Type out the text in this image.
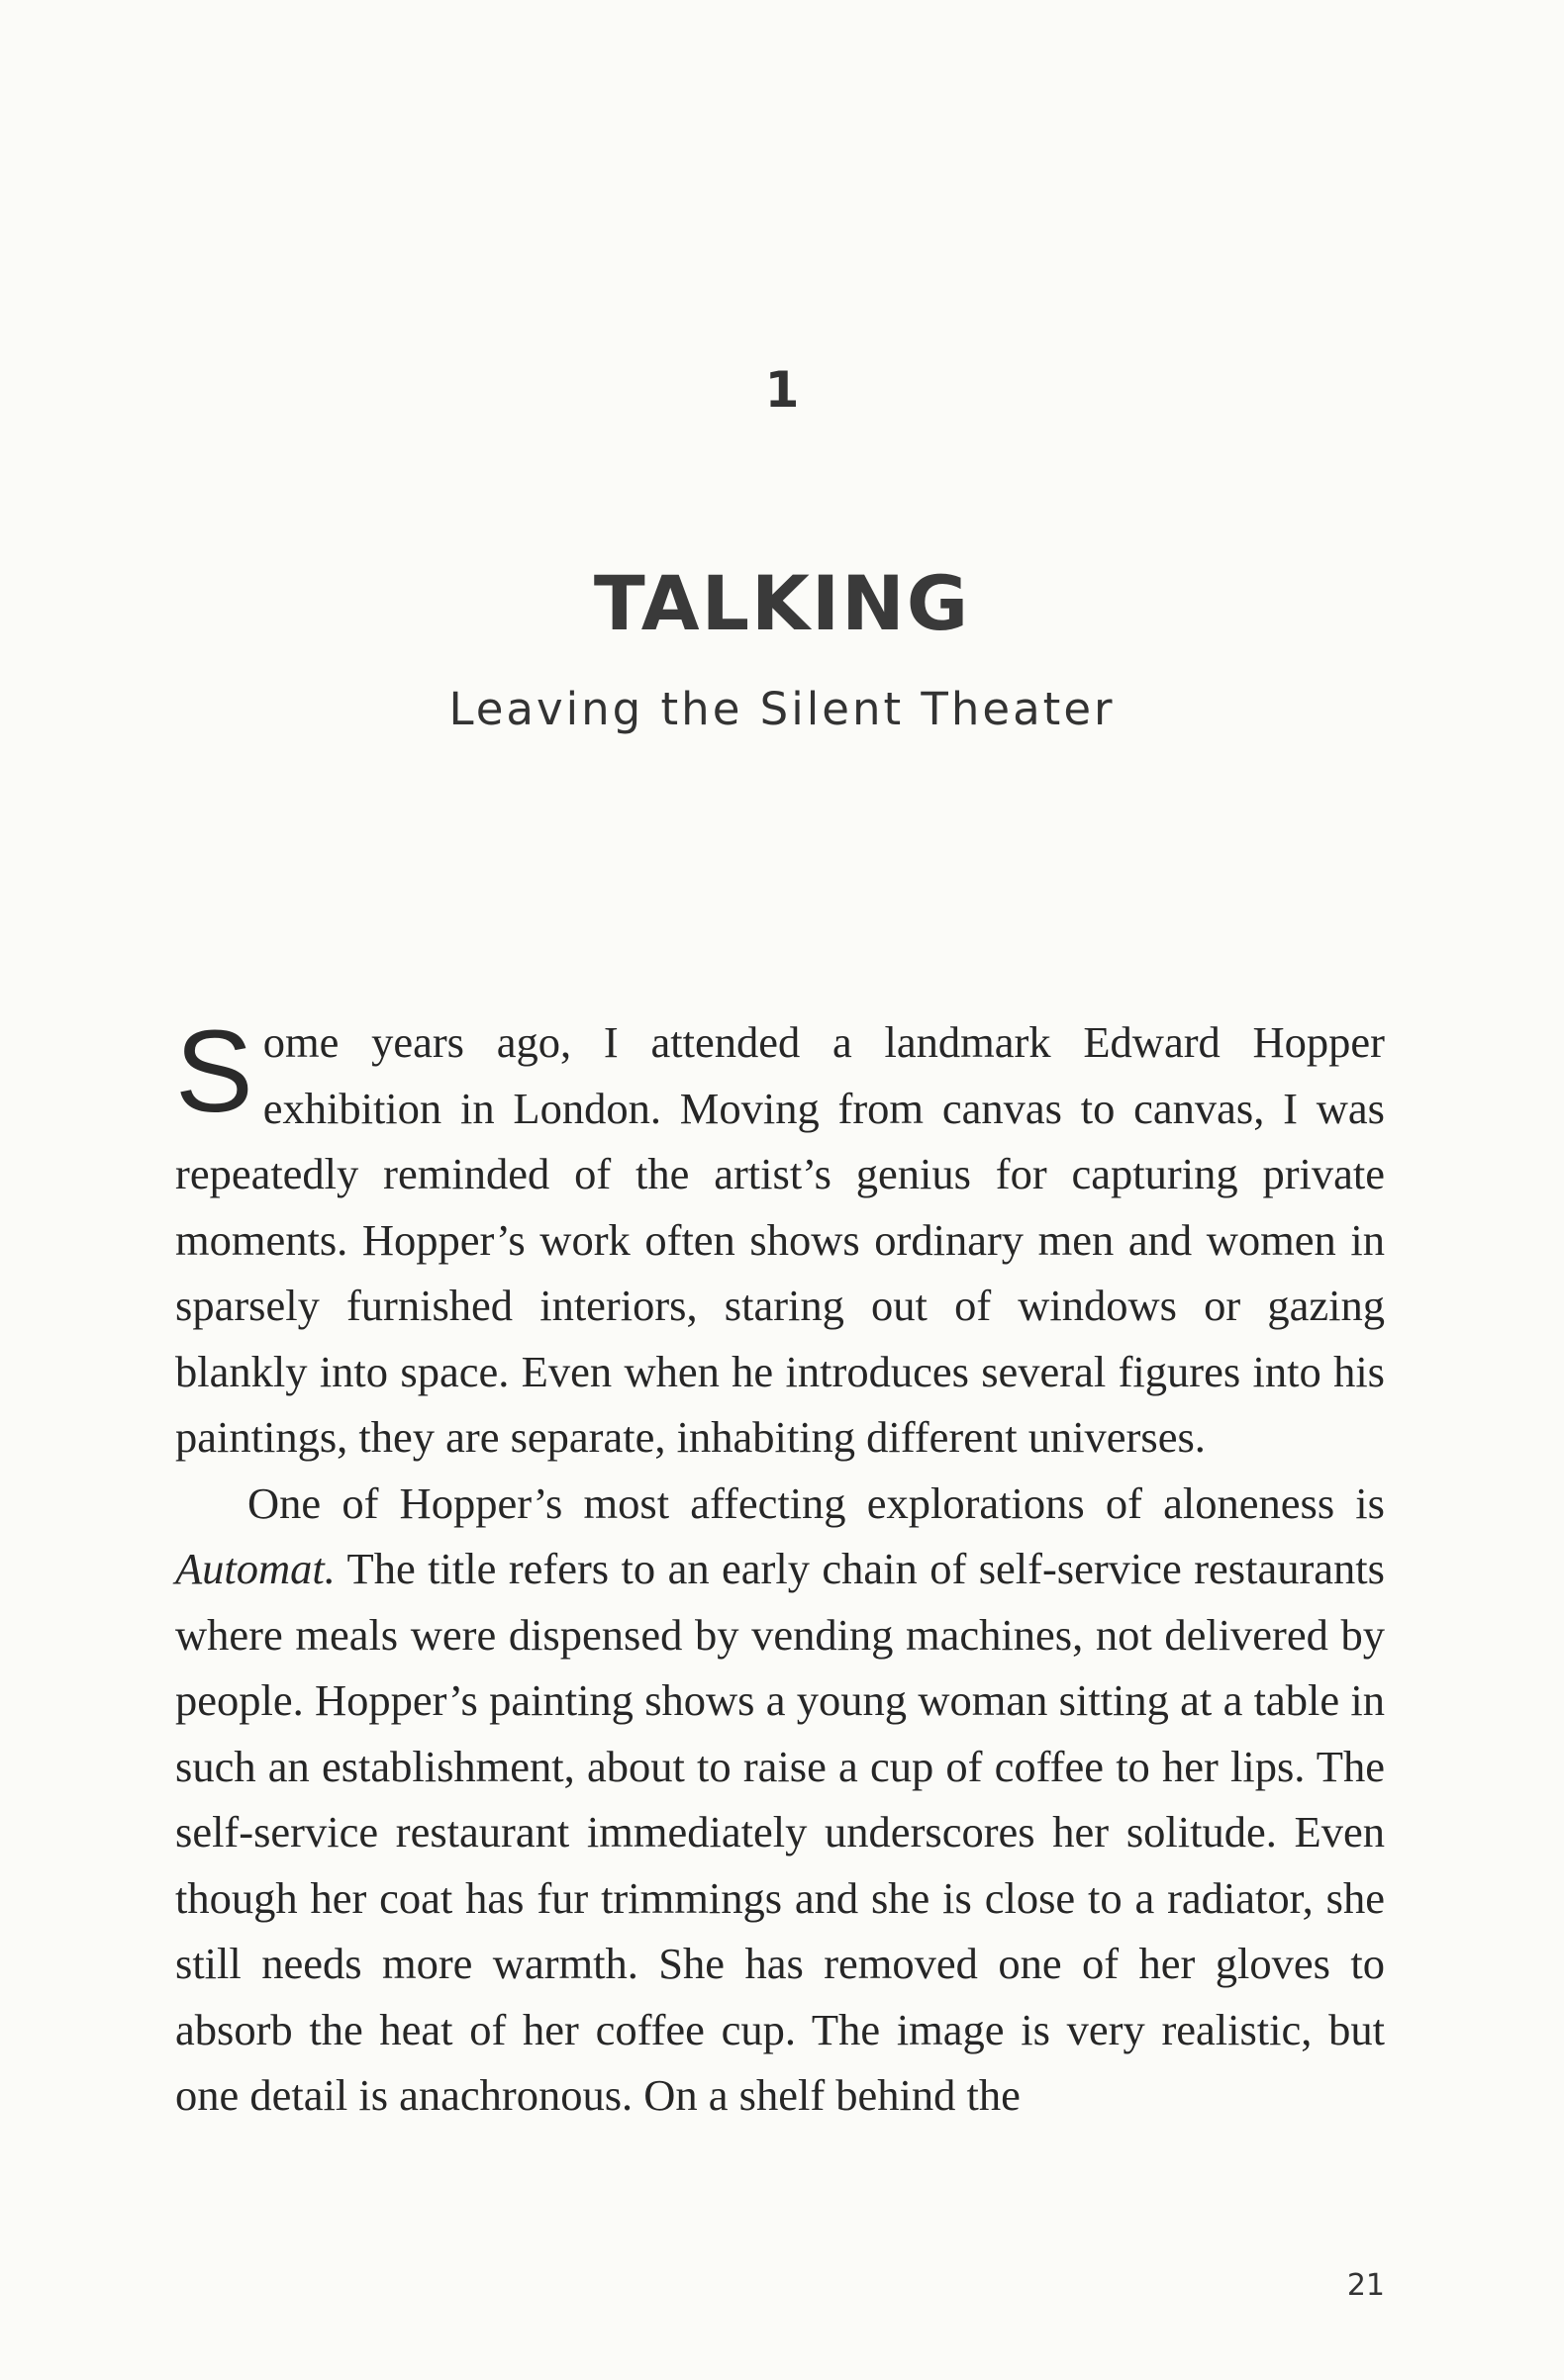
1
TALKING
Leaving the Silent Theater

Some years ago, I attended a landmark Edward Hopper exhibition in London. Moving from canvas to canvas, I was repeatedly reminded of the artist’s genius for capturing private moments. Hopper’s work often shows ordinary men and women in sparsely furnished interiors, staring out of windows or gazing blankly into space. Even when he introduces several figures into his paintings, they are separate, inhabiting different universes.

One of Hopper’s most affecting explorations of aloneness is Automat. The title refers to an early chain of self-service restaurants where meals were dispensed by vending machines, not delivered by people. Hopper’s painting shows a young woman sitting at a table in such an establishment, about to raise a cup of coffee to her lips. The self-service restaurant immediately underscores her solitude. Even though her coat has fur trimmings and she is close to a radiator, she still needs more warmth. She has removed one of her gloves to absorb the heat of her coffee cup. The image is very realistic, but one detail is anachronous. On a shelf behind the

21
